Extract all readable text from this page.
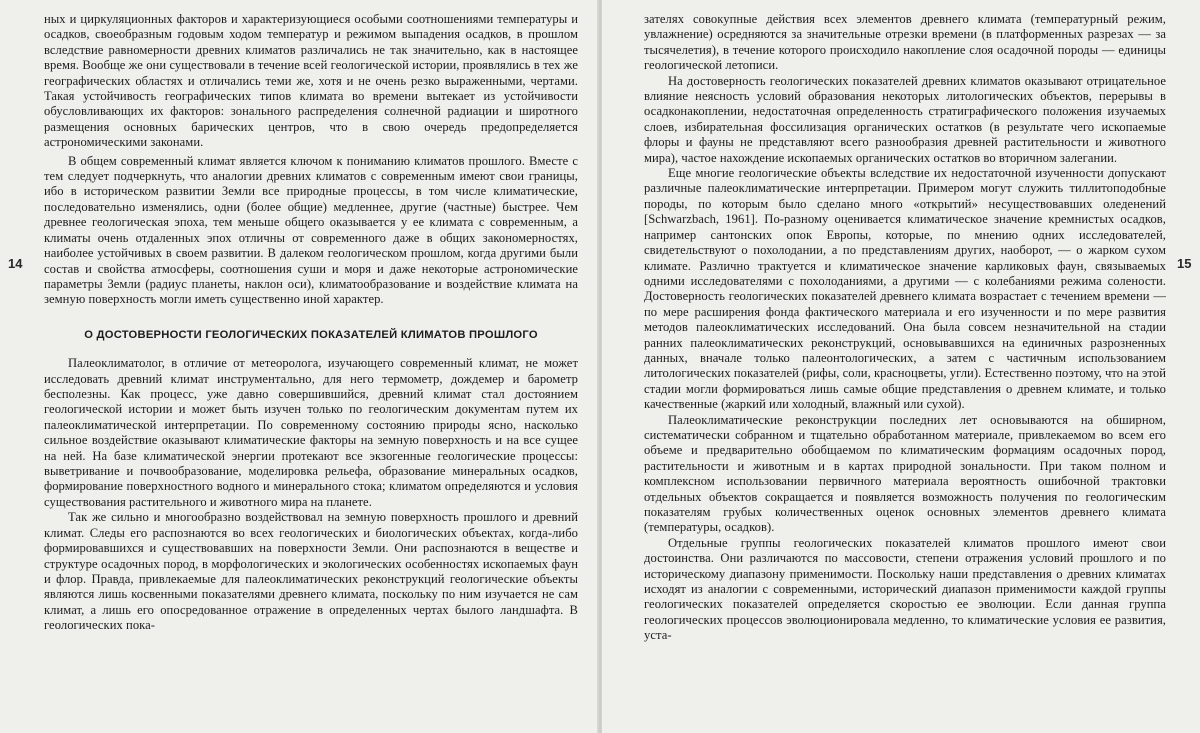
ных и циркуляционных факторов и характеризующиеся особыми соотношениями температуры и осадков, своеобразным годовым ходом температур и режимом выпадения осадков, в прошлом вследствие равномерности древних климатов различались не так значительно, как в настоящее время. Вообще же они существовали в течение всей геологической истории, проявлялись в тех же географических областях и отличались теми же, хотя и не очень резко выраженными, чертами. Такая устойчивость географических типов климата во времени вытекает из устойчивости обусловливающих их факторов: зонального распределения солнечной радиации и широтного размещения основных барических центров, что в свою очередь предопределяется астрономическими законами.

В общем современный климат является ключом к пониманию климатов прошлого. Вместе с тем следует подчеркнуть, что аналогии древних климатов с современным имеют свои границы, ибо в историческом развитии Земли все природные процессы, в том числе климатические, последовательно изменялись, одни (более общие) медленнее, другие (частные) быстрее. Чем древнее геологическая эпоха, тем меньше общего оказывается у ее климата с современным, а климаты очень отдаленных эпох отличны от современного даже в общих закономерностях, наиболее устойчивых в своем развитии. В далеком геологическом прошлом, когда другими были состав и свойства атмосферы, соотношения суши и моря и даже некоторые астрономические параметры Земли (радиус планеты, наклон оси), климатообразование и воздействие климата на земную поверхность могли иметь существенно иной характер.

О ДОСТОВЕРНОСТИ ГЕОЛОГИЧЕСКИХ ПОКАЗАТЕЛЕЙ КЛИМАТОВ ПРОШЛОГО

Палеоклиматолог, в отличие от метеоролога, изучающего современный климат, не может исследовать древний климат инструментально, для него термометр, дождемер и барометр бесполезны. Как процесс, уже давно совершившийся, древний климат стал достоянием геологической истории и может быть изучен только по геологическим документам путем их палеоклиматической интерпретации. По современному состоянию природы ясно, насколько сильное воздействие оказывают климатические факторы на земную поверхность и на все сущее на ней. На базе климатической энергии протекают все экзогенные геологические процессы: выветривание и почвообразование, моделировка рельефа, образование минеральных осадков, формирование поверхностного водного и минерального стока; климатом определяются и условия существования растительного и животного мира на планете.

Так же сильно и многообразно воздействовал на земную поверхность прошлого и древний климат. Следы его распознаются во всех геологических и биологических объектах, когда-либо формировавшихся и существовавших на поверхности Земли. Они распознаются в веществе и структуре осадочных пород, в морфологических и экологических особенностях ископаемых фаун и флор. Правда, привлекаемые для палеоклиматических реконструкций геологические объекты являются лишь косвенными показателями древнего климата, поскольку по ним изучается не сам климат, а лишь его опосредованное отражение в определенных чертах былого ландшафта. В геологических пока-

зателях совокупные действия всех элементов древнего климата (температурный режим, увлажнение) осредняются за значительные отрезки времени (в платформенных разрезах — за тысячелетия), в течение которого происходило накопление слоя осадочной породы — единицы геологической летописи.

На достоверность геологических показателей древних климатов оказывают отрицательное влияние неясность условий образования некоторых литологических объектов, перерывы в осадконакоплении, недостаточная определенность стратиграфического положения изучаемых слоев, избирательная фоссилизация органических остатков (в результате чего ископаемые флоры и фауны не представляют всего разнообразия древней растительности и животного мира), частое нахождение ископаемых органических остатков во вторичном залегании.

Еще многие геологические объекты вследствие их недостаточной изученности допускают различные палеоклиматические интерпретации. Примером могут служить тиллитоподобные породы, по которым было сделано много «открытий» несуществовавших оледенений [Schwarzbach, 1961]. По-разному оценивается климатическое значение кремнистых осадков, например сантонских опок Европы, которые, по мнению одних исследователей, свидетельствуют о похолодании, а по представлениям других, наоборот, — о жарком сухом климате. Различно трактуется и климатическое значение карликовых фаун, связываемых одними исследователями с похолоданиями, а другими — с колебаниями режима солености. Достоверность геологических показателей древнего климата возрастает с течением времени — по мере расширения фонда фактического материала и его изученности и по мере развития методов палеоклиматических исследований. Она была совсем незначительной на стадии ранних палеоклиматических реконструкций, основывавшихся на единичных разрозненных данных, вначале только палеонтологических, а затем с частичным использованием литологических показателей (рифы, соли, красноцветы, угли). Естественно поэтому, что на этой стадии могли формироваться лишь самые общие представления о древнем климате, и только качественные (жаркий или холодный, влажный или сухой).

Палеоклиматические реконструкции последних лет основываются на обширном, систематически собранном и тщательно обработанном материале, привлекаемом во всем его объеме и предварительно обобщаемом по климатическим формациям осадочных пород, растительности и животным и в картах природной зональности. При таком полном и комплексном использовании первичного материала вероятность ошибочной трактовки отдельных объектов сокращается и появляется возможность получения по геологическим показателям грубых количественных оценок основных элементов древнего климата (температуры, осадков).

Отдельные группы геологических показателей климатов прошлого имеют свои достоинства. Они различаются по массовости, степени отражения условий прошлого и по историческому диапазону применимости. Поскольку наши представления о древних климатах исходят из аналогии с современными, исторический диапазон применимости каждой группы геологических показателей определяется скоростью ее эволюции. Если данная группа геологических процессов эволюционировала медленно, то климатические условия ее развития, уста-

14	15
